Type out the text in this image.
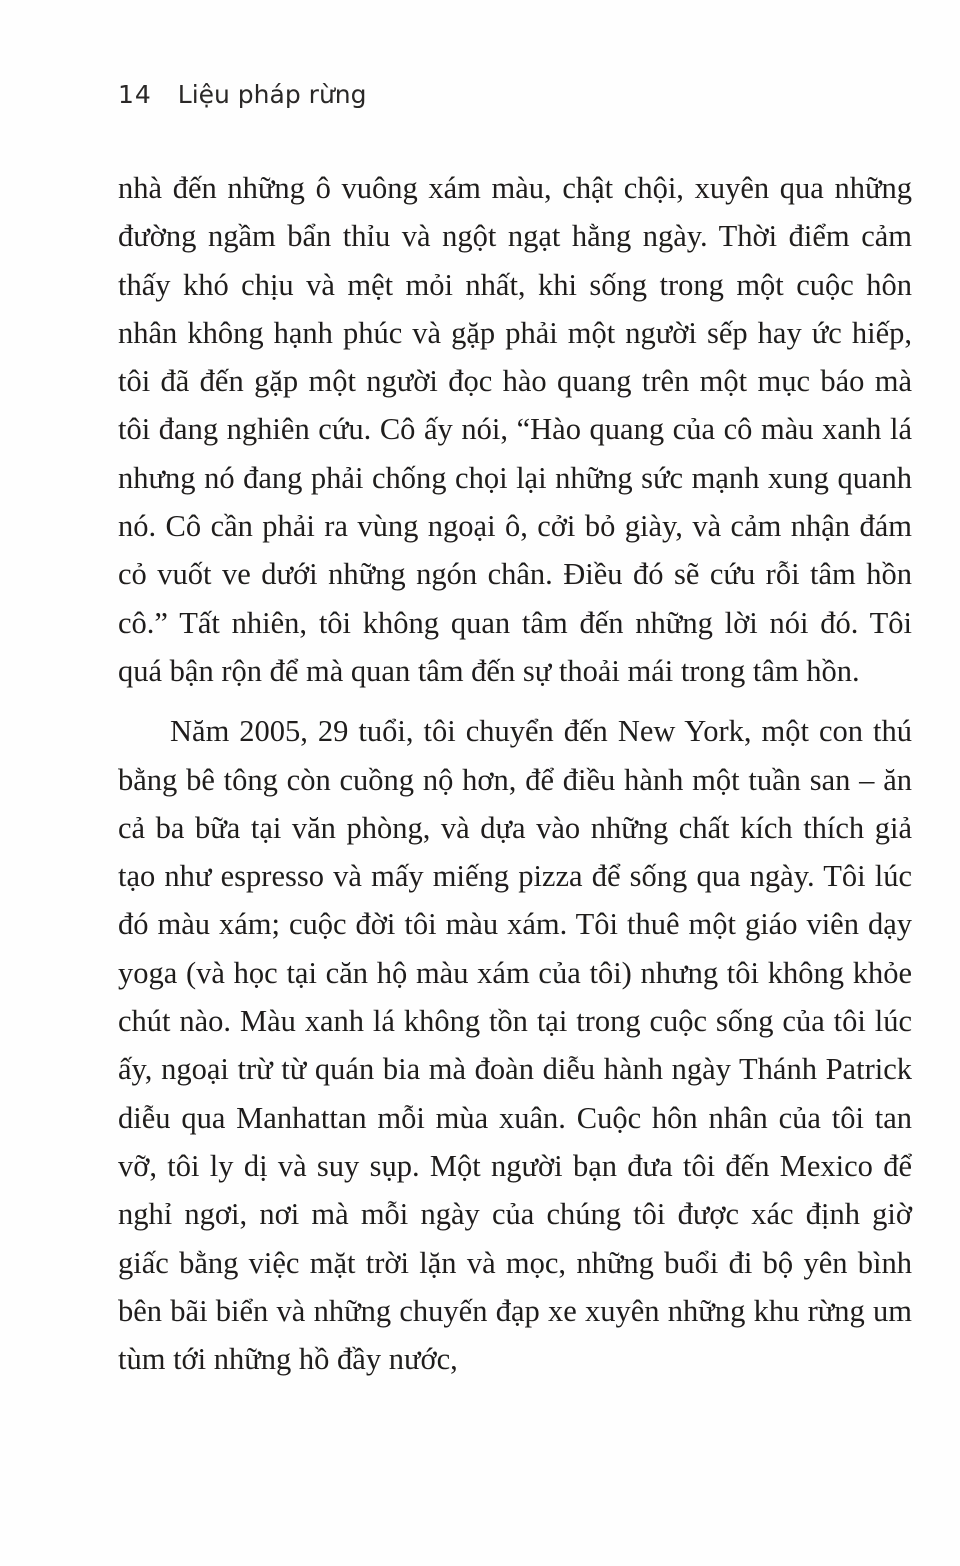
14 Liệu pháp rừng

nhà đến những ô vuông xám màu, chật chội, xuyên qua những đường ngầm bẩn thỉu và ngột ngạt hằng ngày. Thời điểm cảm thấy khó chịu và mệt mỏi nhất, khi sống trong một cuộc hôn nhân không hạnh phúc và gặp phải một người sếp hay ức hiếp, tôi đã đến gặp một người đọc hào quang trên một mục báo mà tôi đang nghiên cứu. Cô ấy nói, “Hào quang của cô màu xanh lá nhưng nó đang phải chống chọi lại những sức mạnh xung quanh nó. Cô cần phải ra vùng ngoại ô, cởi bỏ giày, và cảm nhận đám cỏ vuốt ve dưới những ngón chân. Điều đó sẽ cứu rỗi tâm hồn cô.” Tất nhiên, tôi không quan tâm đến những lời nói đó. Tôi quá bận rộn để mà quan tâm đến sự thoải mái trong tâm hồn.

Năm 2005, 29 tuổi, tôi chuyển đến New York, một con thú bằng bê tông còn cuồng nộ hơn, để điều hành một tuần san – ăn cả ba bữa tại văn phòng, và dựa vào những chất kích thích giả tạo như espresso và mấy miếng pizza để sống qua ngày. Tôi lúc đó màu xám; cuộc đời tôi màu xám. Tôi thuê một giáo viên dạy yoga (và học tại căn hộ màu xám của tôi) nhưng tôi không khỏe chút nào. Màu xanh lá không tồn tại trong cuộc sống của tôi lúc ấy, ngoại trừ từ quán bia mà đoàn diễu hành ngày Thánh Patrick diễu qua Manhattan mỗi mùa xuân. Cuộc hôn nhân của tôi tan vỡ, tôi ly dị và suy sụp. Một người bạn đưa tôi đến Mexico để nghỉ ngơi, nơi mà mỗi ngày của chúng tôi được xác định giờ giấc bằng việc mặt trời lặn và mọc, những buổi đi bộ yên bình bên bãi biển và những chuyến đạp xe xuyên những khu rừng um tùm tới những hồ đầy nước,
